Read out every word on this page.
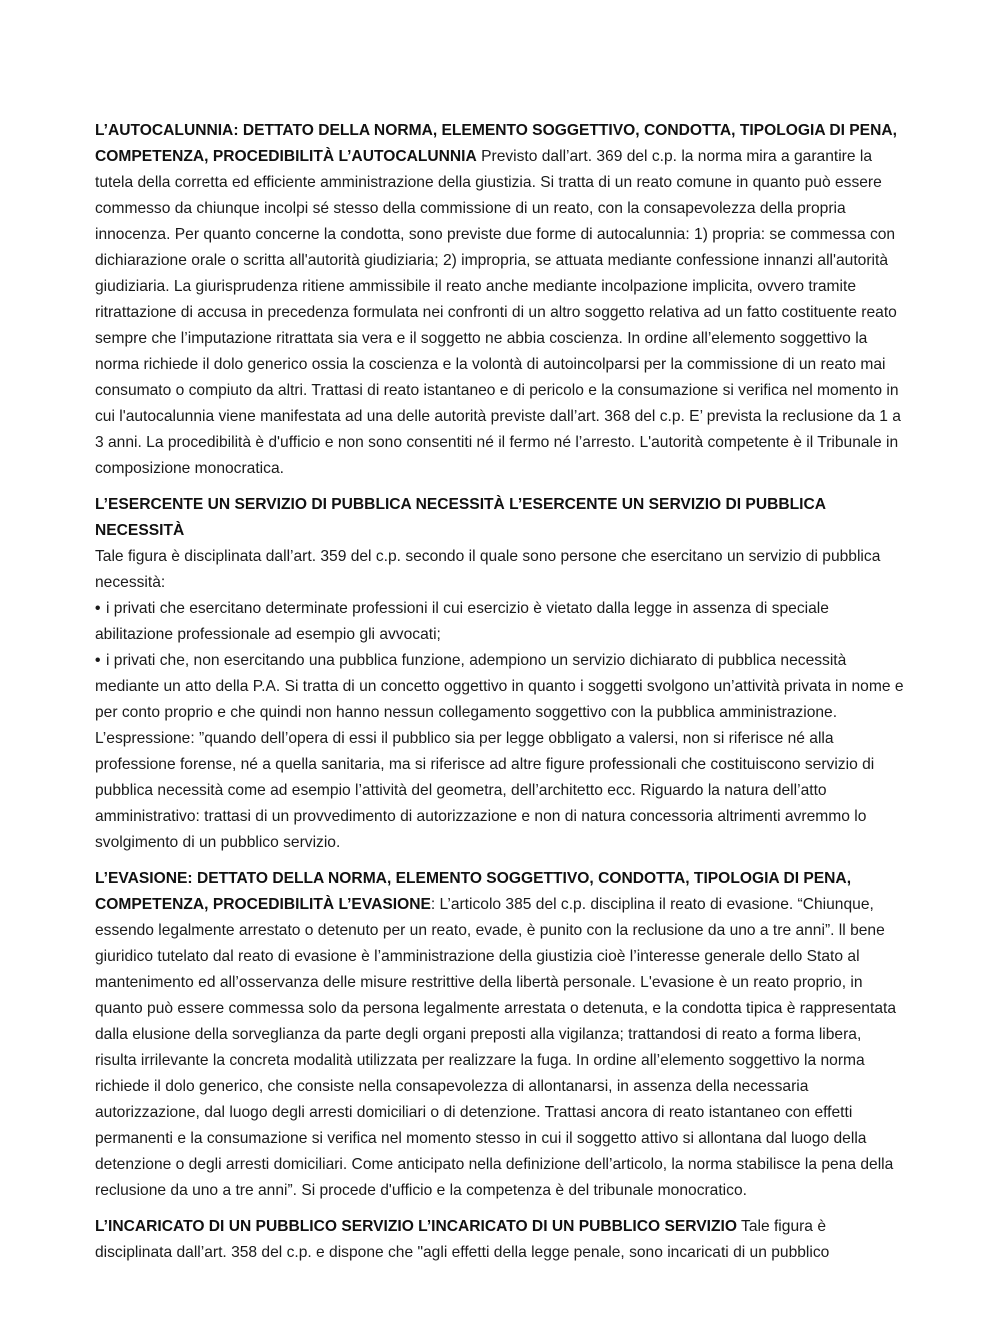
L’AUTOCALUNNIA: DETTATO DELLA NORMA, ELEMENTO SOGGETTIVO, CONDOTTA, TIPOLOGIA DI PENA, COMPETENZA, PROCEDIBILITÀ L’AUTOCALUNNIA Previsto dall’art. 369 del c.p. la norma mira a garantire la tutela della corretta ed efficiente amministrazione della giustizia. Si tratta di un reato comune in quanto può essere commesso da chiunque incolpi sé stesso della commissione di un reato, con la consapevolezza della propria innocenza. Per quanto concerne la condotta, sono previste due forme di autocalunnia: 1) propria: se commessa con dichiarazione orale o scritta all'autorità giudiziaria; 2) impropria, se attuata mediante confessione innanzi all'autorità giudiziaria. La giurisprudenza ritiene ammissibile il reato anche mediante incolpazione implicita, ovvero tramite ritrattazione di accusa in precedenza formulata nei confronti di un altro soggetto relativa ad un fatto costituente reato sempre che l’imputazione ritrattata sia vera e il soggetto ne abbia coscienza. In ordine all’elemento soggettivo la norma richiede il dolo generico ossia la coscienza e la volontà di autoincolparsi per la commissione di un reato mai consumato o compiuto da altri. Trattasi di reato istantaneo e di pericolo e la consumazione si verifica nel momento in cui l'autocalunnia viene manifestata ad una delle autorità previste dall’art. 368 del c.p. E’ prevista la reclusione da 1 a 3 anni. La procedibilità è d'ufficio e non sono consentiti né il fermo né l’arresto. L'autorità competente è il Tribunale in composizione monocratica.

L’ESERCENTE UN SERVIZIO DI PUBBLICA NECESSITÀ L’ESERCENTE UN SERVIZIO DI PUBBLICA NECESSITÀ

Tale figura è disciplinata dall’art. 359 del c.p. secondo il quale sono persone che esercitano un servizio di pubblica necessità:

• i privati che esercitano determinate professioni il cui esercizio è vietato dalla legge in assenza di speciale abilitazione professionale ad esempio gli avvocati;

• i privati che, non esercitando una pubblica funzione, adempiono un servizio dichiarato di pubblica necessità mediante un atto della P.A. Si tratta di un concetto oggettivo in quanto i soggetti svolgono un’attività privata in nome e per conto proprio e che quindi non hanno nessun collegamento soggettivo con la pubblica amministrazione. L’espressione: ”quando dell’opera di essi il pubblico sia per legge obbligato a valersi, non si riferisce né alla professione forense, né a quella sanitaria, ma si riferisce ad altre figure professionali che costituiscono servizio di pubblica necessità come ad esempio l’attività del geometra, dell’architetto ecc. Riguardo la natura dell’atto amministrativo: trattasi di un provvedimento di autorizzazione e non di natura concessoria altrimenti avremmo lo svolgimento di un pubblico servizio.

L’EVASIONE: DETTATO DELLA NORMA, ELEMENTO SOGGETTIVO, CONDOTTA, TIPOLOGIA DI PENA, COMPETENZA, PROCEDIBILITÀ L’EVASIONE: L’articolo 385 del c.p. disciplina il reato di evasione. “Chiunque, essendo legalmente arrestato o detenuto per un reato, evade, è punito con la reclusione da uno a tre anni”. ll bene giuridico tutelato dal reato di evasione è l’amministrazione della giustizia cioè l’interesse generale dello Stato al mantenimento ed all’osservanza delle misure restrittive della libertà personale. L'evasione è un reato proprio, in quanto può essere commessa solo da persona legalmente arrestata o detenuta, e la condotta tipica è rappresentata dalla elusione della sorveglianza da parte degli organi preposti alla vigilanza; trattandosi di reato a forma libera, risulta irrilevante la concreta modalità utilizzata per realizzare la fuga. In ordine all’elemento soggettivo la norma richiede il dolo generico, che consiste nella consapevolezza di allontanarsi, in assenza della necessaria autorizzazione, dal luogo degli arresti domiciliari o di detenzione. Trattasi ancora di reato istantaneo con effetti permanenti e la consumazione si verifica nel momento stesso in cui il soggetto attivo si allontana dal luogo della detenzione o degli arresti domiciliari. Come anticipato nella definizione dell’articolo, la norma stabilisce la pena della reclusione da uno a tre anni”. Si procede d'ufficio e la competenza è del tribunale monocratico.

L’INCARICATO DI UN PUBBLICO SERVIZIO L’INCARICATO DI UN PUBBLICO SERVIZIO Tale figura è disciplinata dall’art. 358 del c.p. e dispone che "agli effetti della legge penale, sono incaricati di un pubblico
